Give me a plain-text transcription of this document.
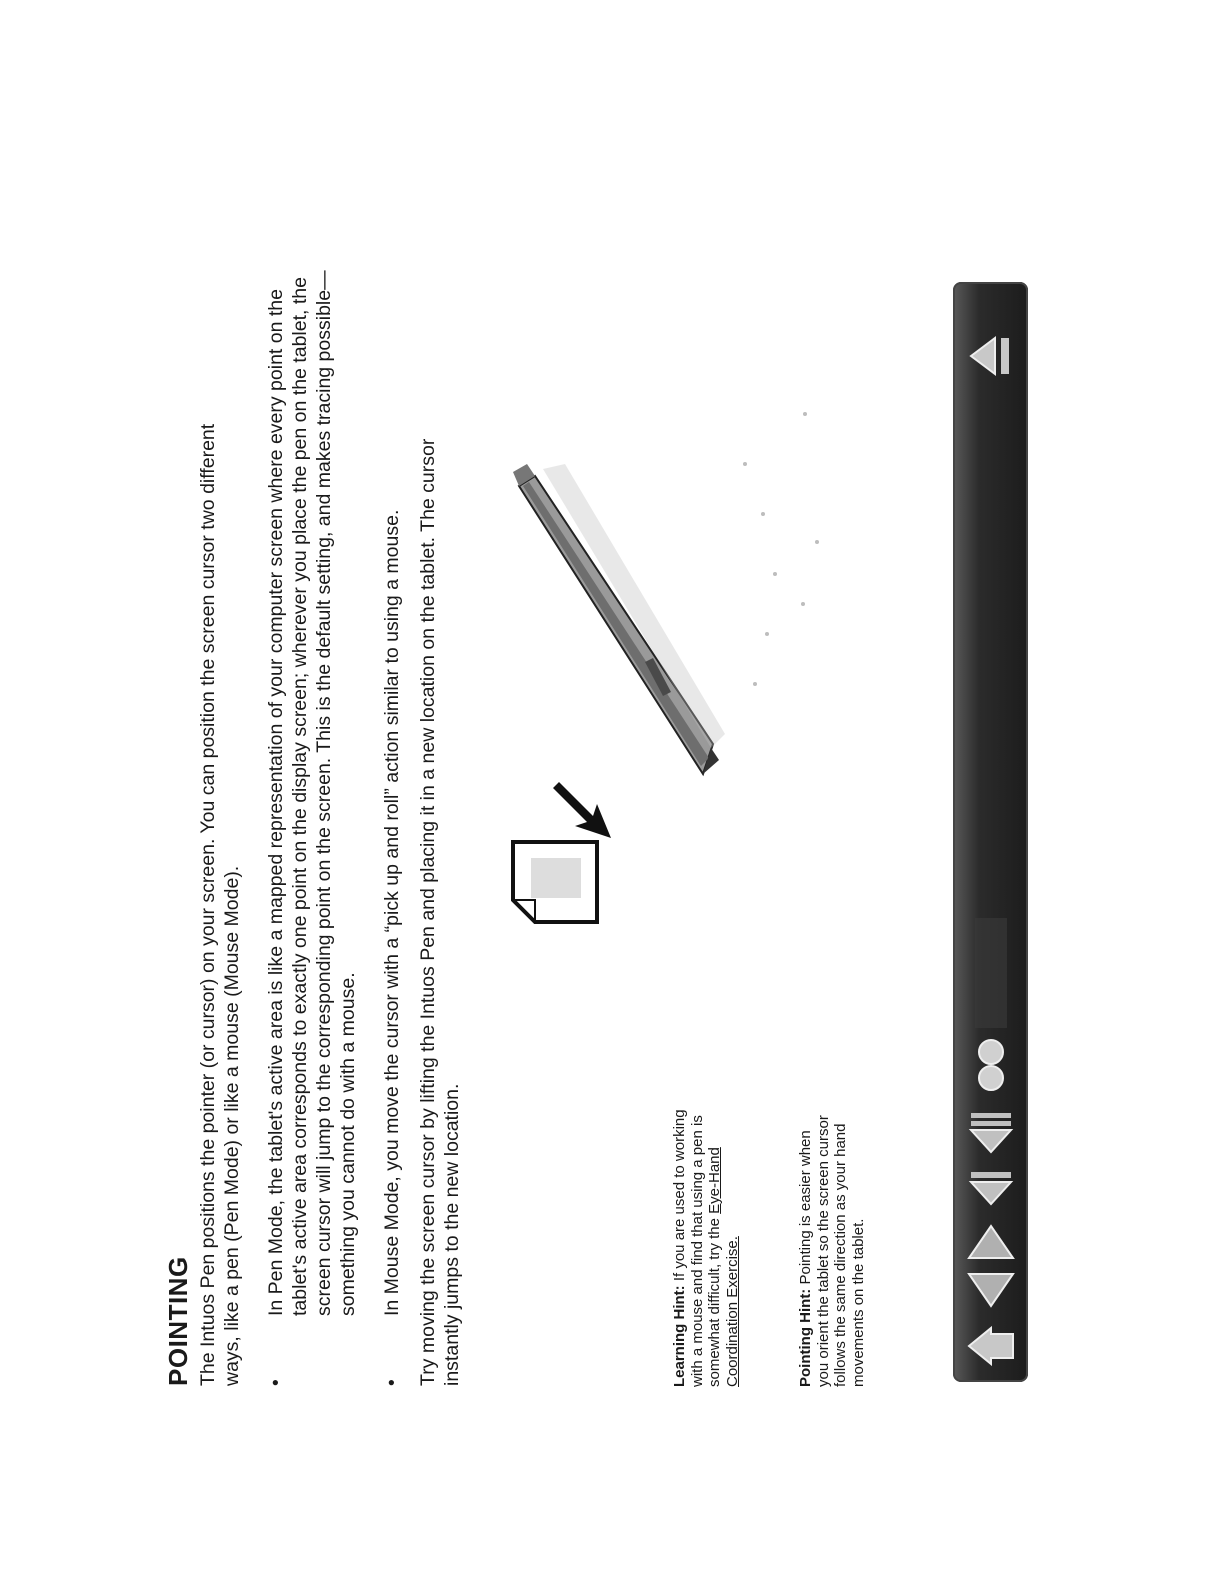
POINTING The Intuos Pen positions the pointer (or cursor) on your screen. You can position the screen cursor two different ways, like a pen (Pen Mode) or like a mouse (Mouse Mode). • In Pen Mode, the tablet's active area is like a mapped representation of your computer screen where every point on the tablet's active area corresponds to exactly one point on the display screen; wherever you place the pen on the tablet, the screen cursor will jump to the corresponding point on the screen. This is the default setting, and makes tracing possible—something you cannot do with a mouse. • In Mouse Mode, you move the cursor with a “pick up and roll” action similar to using a mouse. Try moving the screen cursor by lifting the Intuos Pen and placing it in a new location on the tablet. The cursor instantly jumps to the new location.	Learning Hint: If you are used to working with a mouse and find that using a pen is somewhat difficult, try the Eye-Hand Coordination Exercise.	Pointing Hint: Pointing is easier when you orient the tablet so the screen cursor follows the same direction as your hand movements on the tablet.
